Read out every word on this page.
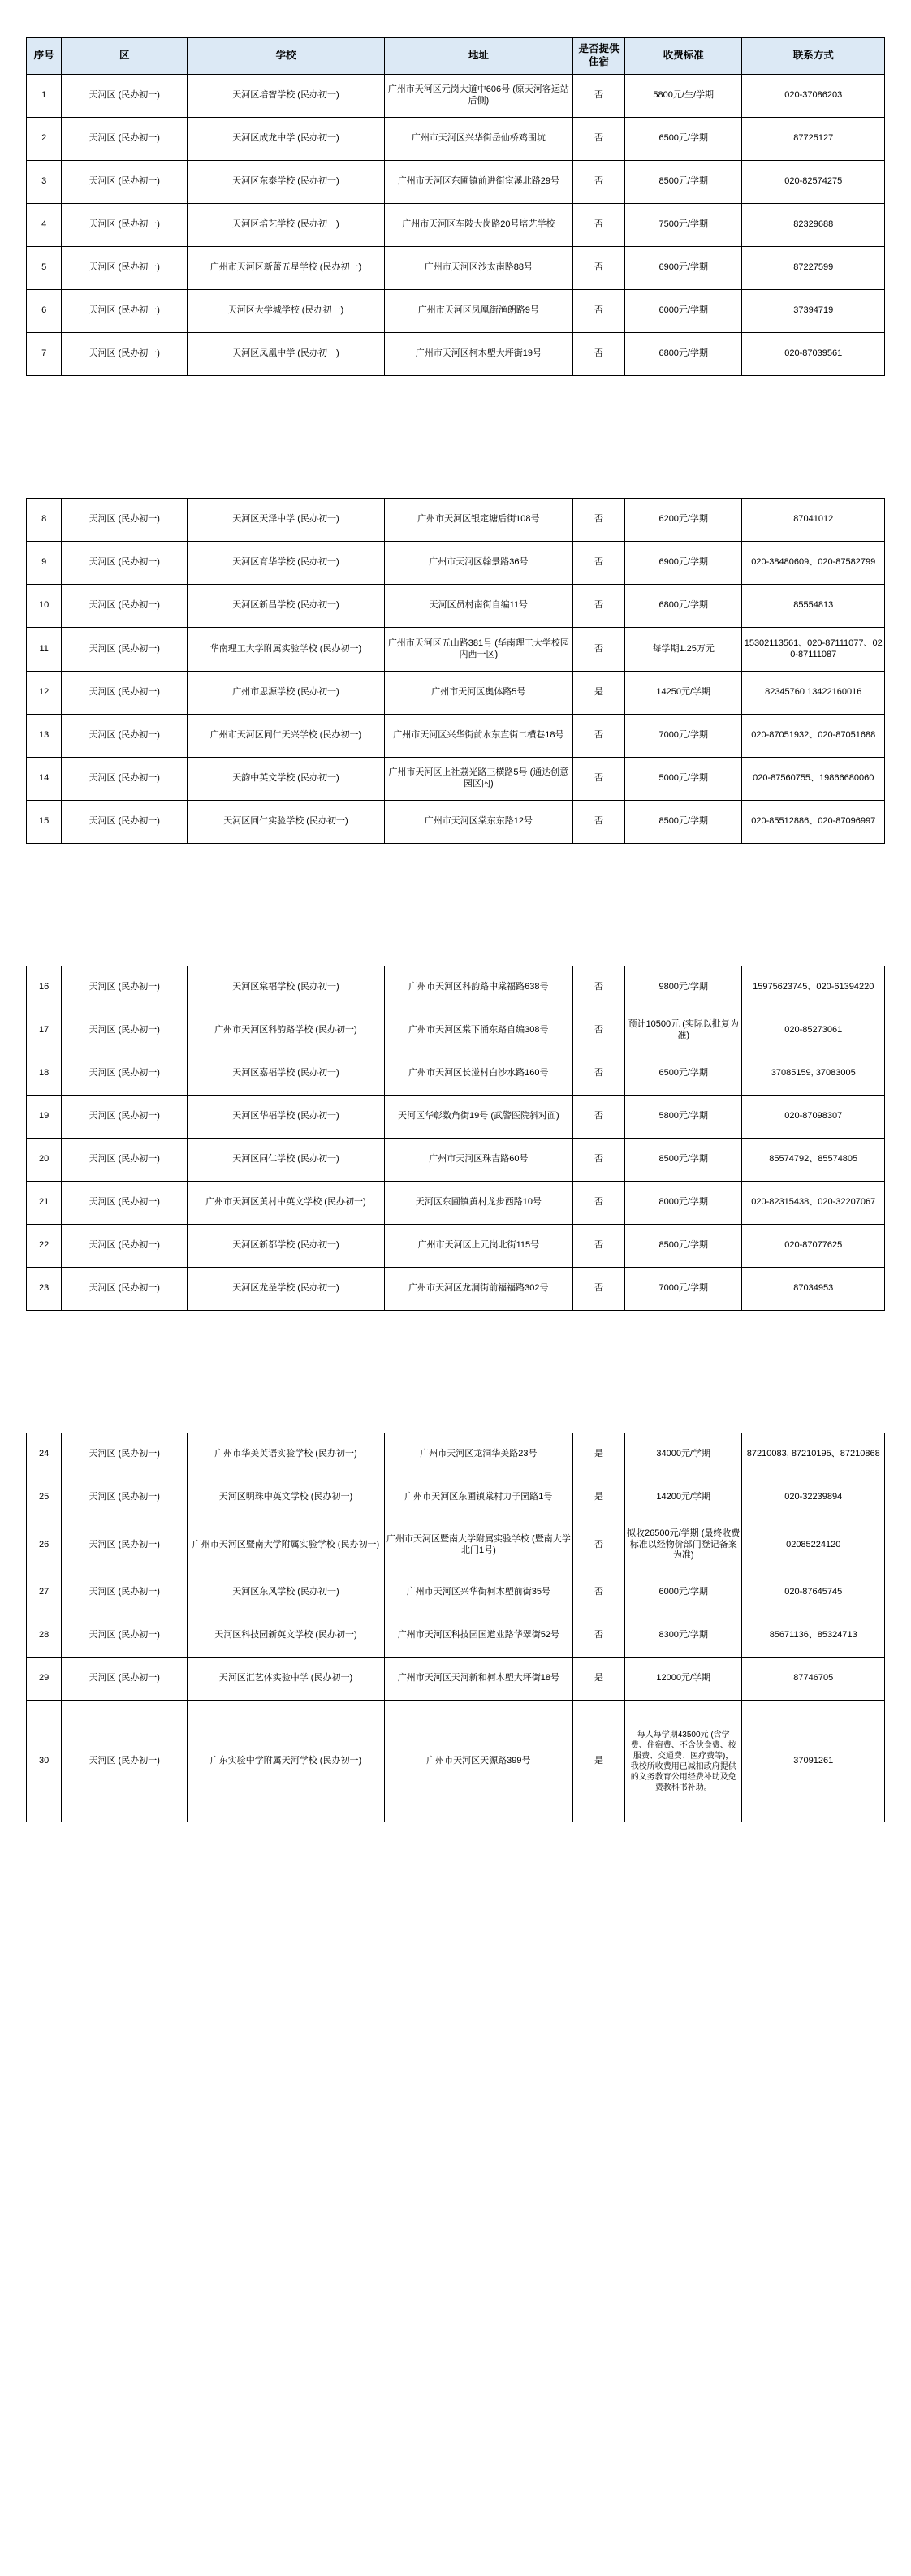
序号	区	学校	地址	是否提供住宿	收费标准	联系方式
1	天河区 (民办初一)	天河区培智学校 (民办初一)	广州市天河区元岗大道中606号 (原天河客运站后侧)	否	5800元/生/学期	020-37086203
2	天河区 (民办初一)	天河区成龙中学 (民办初一)	广州市天河区兴华街岳仙桥鸡围坑	否	6500元/学期	87725127
3	天河区 (民办初一)	天河区东泰学校 (民办初一)	广州市天河区东圃镇前进街宦溪北路29号	否	8500元/学期	020-82574275
4	天河区 (民办初一)	天河区培艺学校 (民办初一)	广州市天河区车陂大岗路20号培艺学校	否	7500元/学期	82329688
5	天河区 (民办初一)	广州市天河区新蕾五星学校 (民办初一)	广州市天河区沙太南路88号	否	6900元/学期	87227599
6	天河区 (民办初一)	天河区大学城学校 (民办初一)	广州市天河区凤凰街渔朗路9号	否	6000元/学期	37394719
7	天河区 (民办初一)	天河区凤凰中学 (民办初一)	广州市天河区柯木塱大坪街19号	否	6800元/学期	020-87039561
8	天河区 (民办初一)	天河区天泽中学 (民办初一)	广州市天河区银定塘后街108号	否	6200元/学期	87041012
9	天河区 (民办初一)	天河区育华学校 (民办初一)	广州市天河区翰景路36号	否	6900元/学期	020-38480609、020-87582799
10	天河区 (民办初一)	天河区新昌学校 (民办初一)	天河区员村南街自编11号	否	6800元/学期	85554813
11	天河区 (民办初一)	华南理工大学附属实验学校 (民办初一)	广州市天河区五山路381号 (华南理工大学校园内西一区)	否	每学期1.25万元	15302113561、020-87111077、020-87111087
12	天河区 (民办初一)	广州市思源学校 (民办初一)	广州市天河区奥体路5号	是	14250元/学期	82345760 13422160016
13	天河区 (民办初一)	广州市天河区同仁天兴学校 (民办初一)	广州市天河区兴华街前水东直街二横巷18号	否	7000元/学期	020-87051932、020-87051688
14	天河区 (民办初一)	天韵中英文学校 (民办初一)	广州市天河区上社荔光路三横路5号 (通达创意园区内)	否	5000元/学期	020-87560755、19866680060
15	天河区 (民办初一)	天河区同仁实验学校 (民办初一)	广州市天河区棠东东路12号	否	8500元/学期	020-85512886、020-87096997
16	天河区 (民办初一)	天河区棠福学校 (民办初一)	广州市天河区科韵路中棠福路638号	否	9800元/学期	15975623745、020-61394220
17	天河区 (民办初一)	广州市天河区科韵路学校 (民办初一)	广州市天河区棠下涌东路自编308号	否	预计10500元 (实际以批复为准)	020-85273061
18	天河区 (民办初一)	天河区嘉福学校 (民办初一)	广州市天河区长湴村白沙水路160号	否	6500元/学期	37085159, 37083005
19	天河区 (民办初一)	天河区华福学校 (民办初一)	天河区华彰数角街19号 (武警医院斜对面)	否	5800元/学期	020-87098307
20	天河区 (民办初一)	天河区同仁学校 (民办初一)	广州市天河区珠吉路60号	否	8500元/学期	85574792、85574805
21	天河区 (民办初一)	广州市天河区黄村中英文学校 (民办初一)	天河区东圃镇黄村龙步西路10号	否	8000元/学期	020-82315438、020-32207067
22	天河区 (民办初一)	天河区新都学校 (民办初一)	广州市天河区上元岗北街115号	否	8500元/学期	020-87077625
23	天河区 (民办初一)	天河区龙圣学校 (民办初一)	广州市天河区龙洞街前福福路302号	否	7000元/学期	87034953
24	天河区 (民办初一)	广州市华美英语实验学校 (民办初一)	广州市天河区龙洞华美路23号	是	34000元/学期	87210083, 87210195、87210868
25	天河区 (民办初一)	天河区明珠中英文学校 (民办初一)	广州市天河区东圃镇棠村力子园路1号	是	14200元/学期	020-32239894
26	天河区 (民办初一)	广州市天河区暨南大学附属实验学校 (民办初一)	广州市天河区暨南大学附属实验学校 (暨南大学北门1号)	否	拟收26500元/学期 (最终收费标准以经物价部门登记备案为准)	02085224120
27	天河区 (民办初一)	天河区东风学校 (民办初一)	广州市天河区兴华街柯木塱前街35号	否	6000元/学期	020-87645745
28	天河区 (民办初一)	天河区科技园新英文学校 (民办初一)	广州市天河区科技园国道业路华翠街52号	否	8300元/学期	85671136、85324713
29	天河区 (民办初一)	天河区汇艺体实验中学 (民办初一)	广州市天河区天河新和柯木塱大坪街18号	是	12000元/学期	87746705
30	天河区 (民办初一)	广东实验中学附属天河学校 (民办初一)	广州市天河区天源路399号	是	每人每学期43500元 (含学费、住宿费、不含伙食费、校服费、交通费、医疗费等)，我校所收费用已减扣政府提供的义务教育公用经费补助及免费教科书补助。	37091261
